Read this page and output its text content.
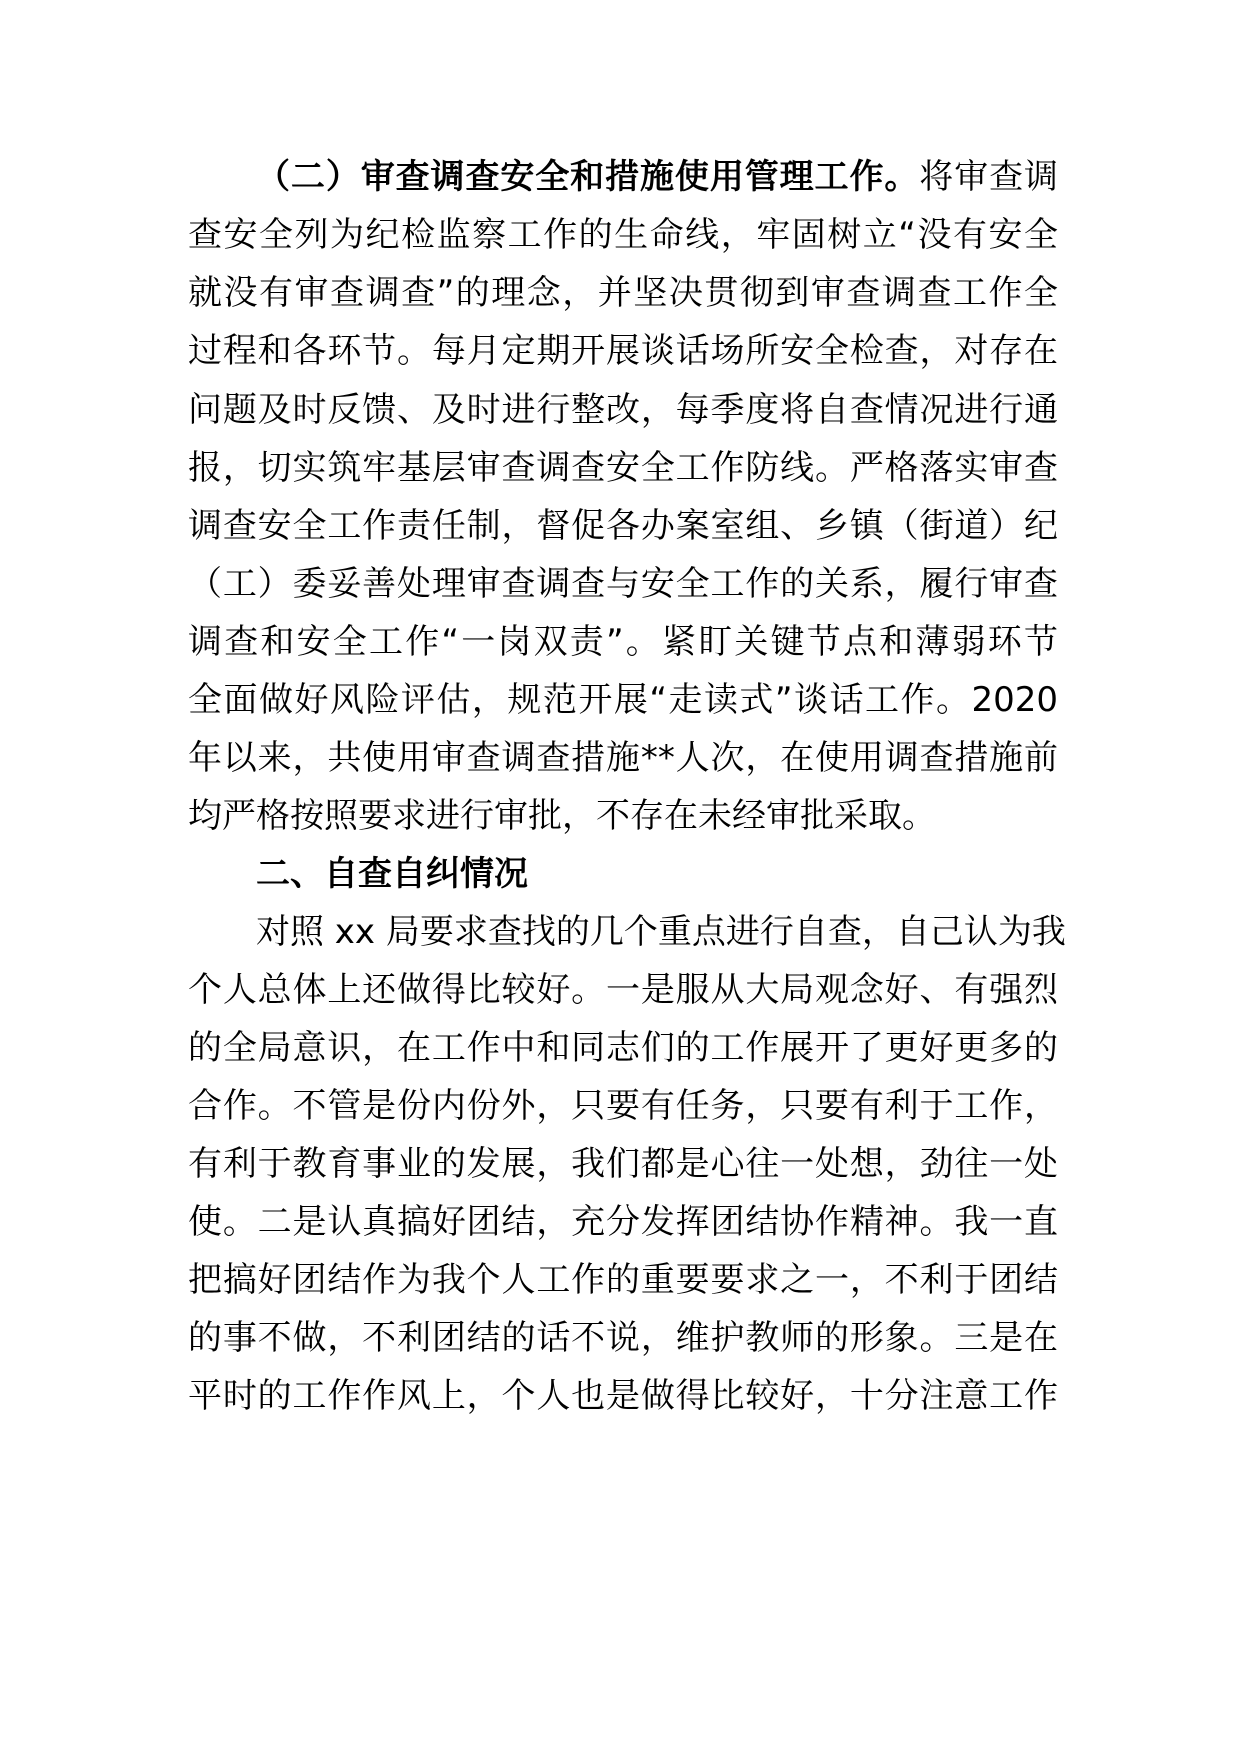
（二）审查调查安全和措施使用管理工作。将审查调
查安全列为纪检监察工作的生命线，牢固树立“没有安全
就没有审查调查”的理念，并坚决贯彻到审查调查工作全
过程和各环节。每月定期开展谈话场所安全检查，对存在
问题及时反馈、及时进行整改，每季度将自查情况进行通
报，切实筑牢基层审查调查安全工作防线。严格落实审查
调查安全工作责任制，督促各办案室组、乡镇（街道）纪
（工）委妥善处理审查调查与安全工作的关系，履行审查
调查和安全工作“一岗双责”。紧盯关键节点和薄弱环节
全面做好风险评估，规范开展“走读式”谈话工作。2020
年以来，共使用审查调查措施**人次，在使用调查措施前
均严格按照要求进行审批，不存在未经审批采取。
二、自查自纠情况
对照 xx 局要求查找的几个重点进行自查，自己认为我
个人总体上还做得比较好。一是服从大局观念好、有强烈
的全局意识，在工作中和同志们的工作展开了更好更多的
合作。不管是份内份外，只要有任务，只要有利于工作，
有利于教育事业的发展，我们都是心往一处想，劲往一处
使。二是认真搞好团结，充分发挥团结协作精神。我一直
把搞好团结作为我个人工作的重要要求之一，不利于团结
的事不做，不利团结的话不说，维护教师的形象。三是在
平时的工作作风上，个人也是做得比较好，十分注意工作
